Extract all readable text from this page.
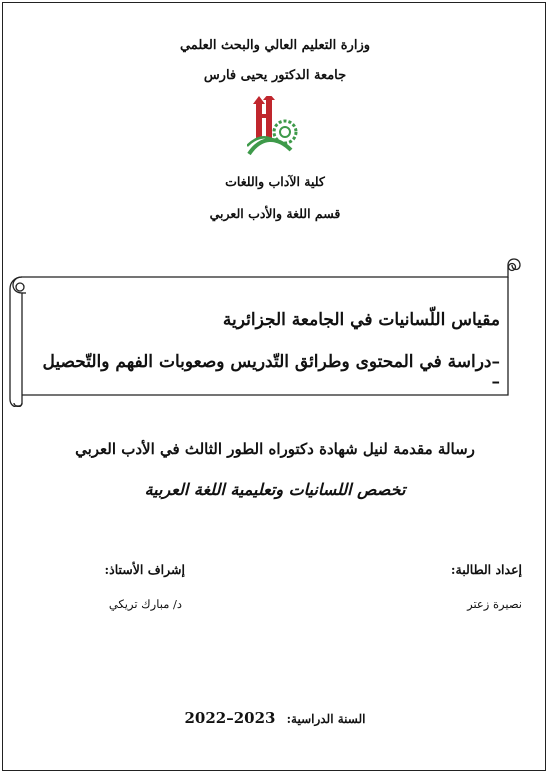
وزارة التعليم العالي والبحث العلمي
جامعة الدكتور يحيى فارس
كلية الآداب واللغات
قسم اللغة والأدب العربي
مقياس اللّسانيات في الجامعة الجزائرية
–دراسة في المحتوى وطرائق التّدريس وصعوبات الفهم والتّحصيل –
رسالة مقدمة لنيل شهادة دكتوراه الطور الثالث في الأدب العربي
تخصص اللسانيات وتعليمية اللغة العربية
إعداد الطالبة:
إشراف الأستاذ:
نصيرة زعتر
د/ مبارك تريكي
السنة الدراسية: 2022–2023
